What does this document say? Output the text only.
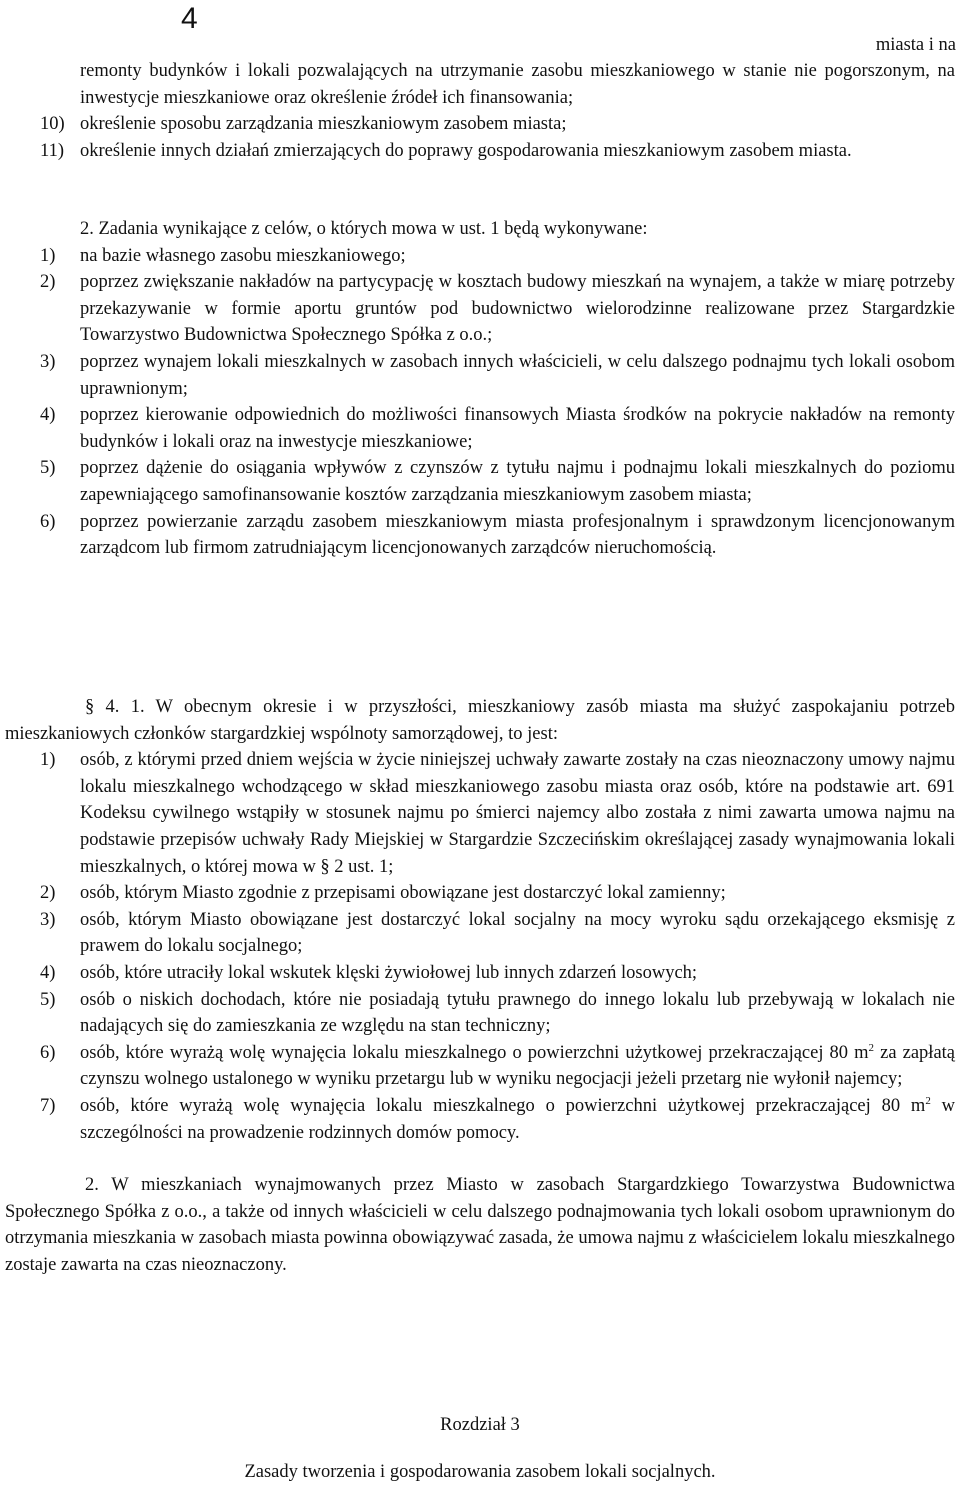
4
miasta i na
remonty budynków i lokali pozwalających na utrzymanie zasobu mieszkaniowego w stanie nie pogorszonym, na inwestycje mieszkaniowe oraz określenie źródeł ich finansowania;
10) określenie sposobu zarządzania mieszkaniowym zasobem miasta;
11) określenie innych działań zmierzających do poprawy gospodarowania mieszkaniowym zasobem miasta.
2. Zadania wynikające z celów, o których mowa w ust. 1 będą wykonywane:
1) na bazie własnego zasobu mieszkaniowego;
2) poprzez zwiększanie nakładów na partycypację w kosztach budowy mieszkań na wynajem, a także w miarę potrzeby przekazywanie w formie aportu gruntów pod budownictwo wielorodzinne realizowane przez Stargardzkie Towarzystwo Budownictwa Społecznego Spółka z o.o.;
3) poprzez wynajem lokali mieszkalnych w zasobach innych właścicieli, w celu dalszego podnajmu tych lokali osobom uprawnionym;
4) poprzez kierowanie odpowiednich do możliwości finansowych Miasta środków na pokrycie nakładów na remonty budynków i lokali oraz na inwestycje mieszkaniowe;
5) poprzez dążenie do osiągania wpływów z czynszów z tytułu najmu i podnajmu lokali mieszkalnych do poziomu zapewniającego samofinansowanie kosztów zarządzania mieszkaniowym zasobem miasta;
6) poprzez powierzanie zarządu zasobem mieszkaniowym miasta profesjonalnym i sprawdzonym licencjonowanym zarządcom lub firmom zatrudniającym licencjonowanych zarządców nieruchomością.
§ 4. 1. W obecnym okresie i w przyszłości, mieszkaniowy zasób miasta ma służyć zaspokajaniu potrzeb mieszkaniowych członków stargardzkiej wspólnoty samorządowej, to jest:
1) osób, z którymi przed dniem wejścia w życie niniejszej uchwały zawarte zostały na czas nieoznaczony umowy najmu lokalu mieszkalnego wchodzącego w skład mieszkaniowego zasobu miasta oraz osób, które na podstawie art. 691 Kodeksu cywilnego wstąpiły w stosunek najmu po śmierci najemcy albo została z nimi zawarta umowa najmu na podstawie przepisów uchwały Rady Miejskiej w Stargardzie Szczecińskim określającej zasady wynajmowania lokali mieszkalnych, o której mowa w § 2 ust. 1;
2) osób, którym Miasto zgodnie z przepisami obowiązane jest dostarczyć lokal zamienny;
3) osób, którym Miasto obowiązane jest dostarczyć lokal socjalny na mocy wyroku sądu orzekającego eksmisję z prawem do lokalu socjalnego;
4) osób, które utraciły lokal wskutek klęski żywiołowej lub innych zdarzeń losowych;
5) osób o niskich dochodach, które nie posiadają tytułu prawnego do innego lokalu lub przebywają w lokalach nie nadających się do zamieszkania ze względu na stan techniczny;
6) osób, które wyrażą wolę wynajęcia lokalu mieszkalnego o powierzchni użytkowej przekraczającej 80 $m^2$ za zapłatą czynszu wolnego ustalonego w wyniku przetargu lub w wyniku negocjacji jeżeli przetarg nie wyłonił najemcy;
7) osób, które wyrażą wolę wynajęcia lokalu mieszkalnego o powierzchni użytkowej przekraczającej 80 $m^2$ w szczególności na prowadzenie rodzinnych domów pomocy.
2. W mieszkaniach wynajmowanych przez Miasto w zasobach Stargardzkiego Towarzystwa Budownictwa Społecznego Spółka z o.o., a także od innych właścicieli w celu dalszego podnajmowania tych lokali osobom uprawnionym do otrzymania mieszkania w zasobach miasta powinna obowiązywać zasada, że umowa najmu z właścicielem lokalu mieszkalnego zostaje zawarta na czas nieoznaczony.
Rozdział 3
Zasady tworzenia i gospodarowania zasobem lokali socjalnych.
